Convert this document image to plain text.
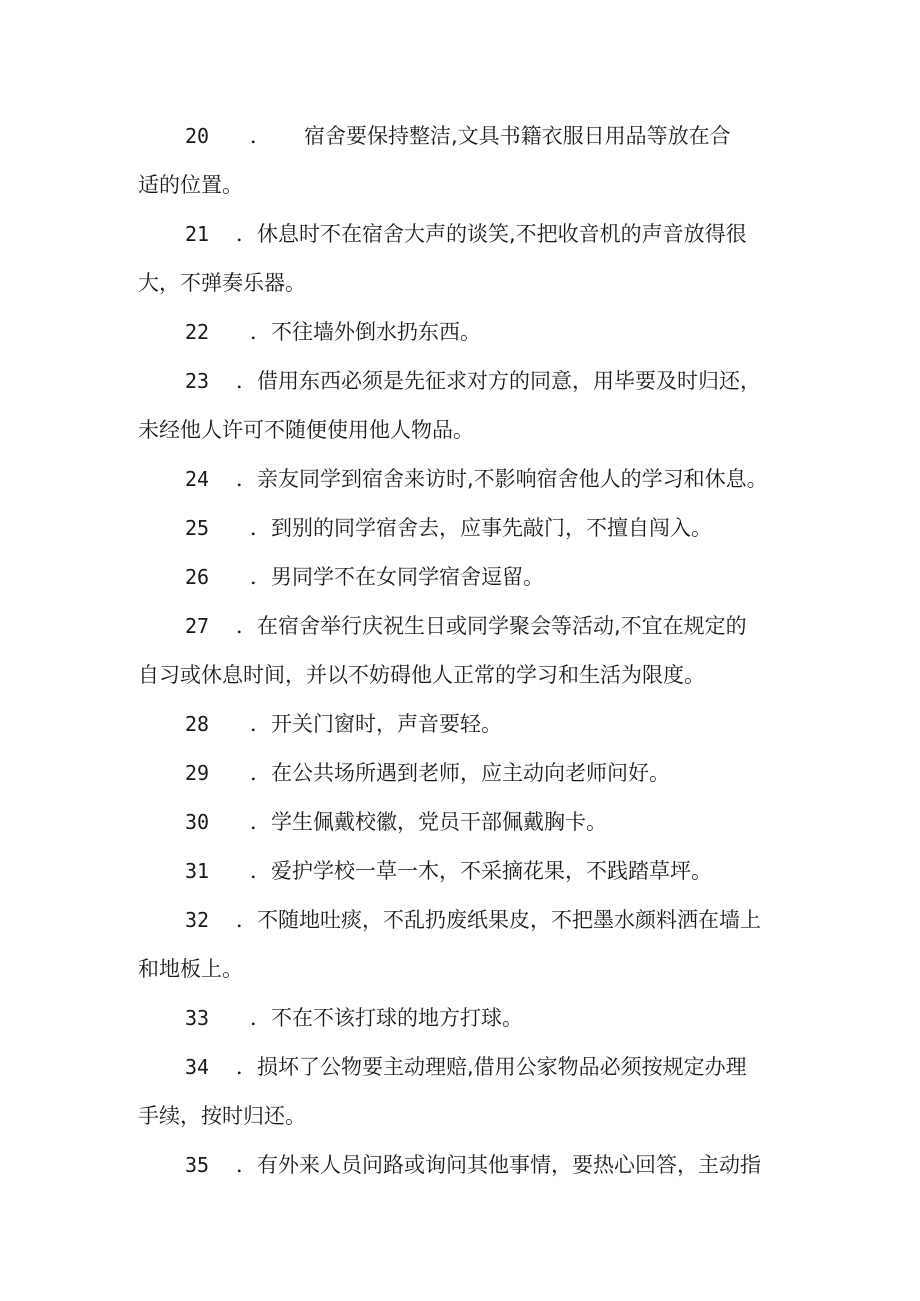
20 ． 宿舍要保持整洁,文具书籍衣服日用品等放在合
适的位置。

21 ．休息时不在宿舍大声的谈笑,不把收音机的声音放得很
大，不弹奏乐器。

22 ．不往墙外倒水扔东西。

23 ．借用东西必须是先征求对方的同意，用毕要及时归还，
未经他人许可不随便使用他人物品。

24 ．亲友同学到宿舍来访时,不影响宿舍他人的学习和休息。

25 ．到别的同学宿舍去，应事先敲门，不擅自闯入。

26 ．男同学不在女同学宿舍逗留。

27 ．在宿舍举行庆祝生日或同学聚会等活动,不宜在规定的
自习或休息时间，并以不妨碍他人正常的学习和生活为限度。

28 ．开关门窗时，声音要轻。

29 ．在公共场所遇到老师，应主动向老师问好。

30 ．学生佩戴校徽，党员干部佩戴胸卡。

31 ．爱护学校一草一木，不采摘花果，不践踏草坪。

32 ．不随地吐痰，不乱扔废纸果皮，不把墨水颜料洒在墙上
和地板上。

33 ．不在不该打球的地方打球。

34 ．损坏了公物要主动理赔,借用公家物品必须按规定办理
手续，按时归还。

35 ．有外来人员问路或询问其他事情，要热心回答，主动指
